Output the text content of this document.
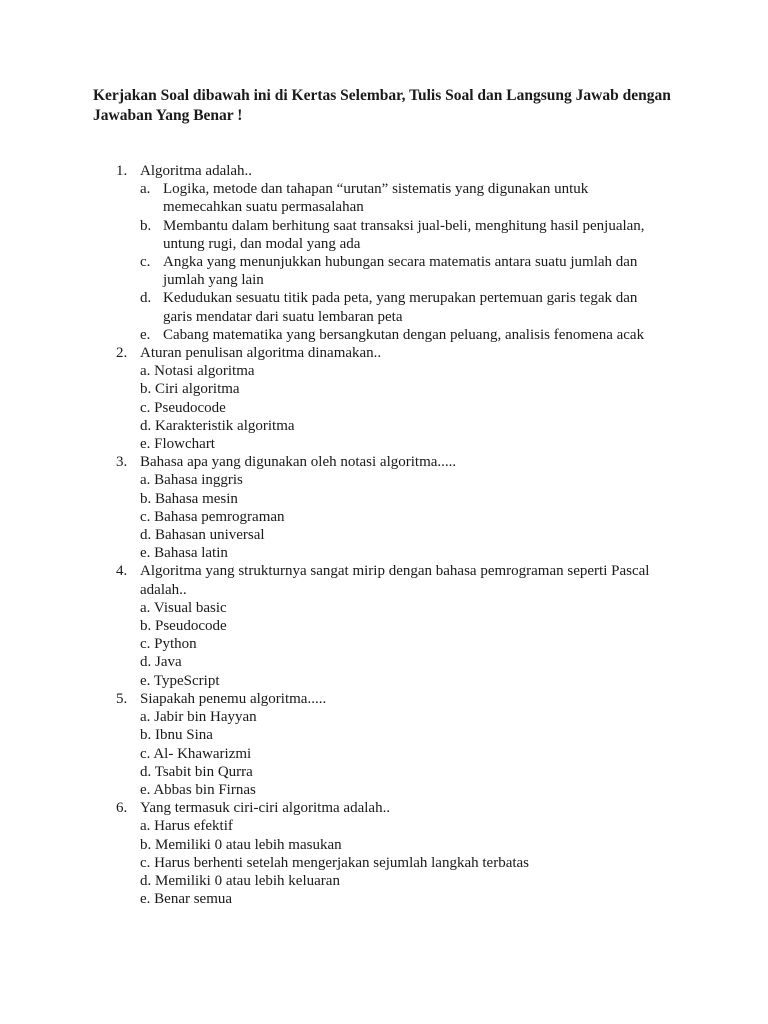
Kerjakan Soal dibawah ini di Kertas Selembar, Tulis Soal dan Langsung Jawab dengan Jawaban Yang Benar !

1. Algoritma adalah..
a. Logika, metode dan tahapan “urutan” sistematis yang digunakan untuk memecahkan suatu permasalahan
b. Membantu dalam berhitung saat transaksi jual-beli, menghitung hasil penjualan, untung rugi, dan modal yang ada
c. Angka yang menunjukkan hubungan secara matematis antara suatu jumlah dan jumlah yang lain
d. Kedudukan sesuatu titik pada peta, yang merupakan pertemuan garis tegak dan garis mendatar dari suatu lembaran peta
e. Cabang matematika yang bersangkutan dengan peluang, analisis fenomena acak
2. Aturan penulisan algoritma dinamakan..
a. Notasi algoritma
b. Ciri algoritma
c. Pseudocode
d. Karakteristik algoritma
e. Flowchart
3. Bahasa apa yang digunakan oleh notasi algoritma.....
a. Bahasa inggris
b. Bahasa mesin
c. Bahasa pemrograman
d. Bahasan universal
e. Bahasa latin
4. Algoritma yang strukturnya sangat mirip dengan bahasa pemrograman seperti Pascal adalah..
a. Visual basic
b. Pseudocode
c. Python
d. Java
e. TypeScript
5. Siapakah penemu algoritma.....
a. Jabir bin Hayyan
b. Ibnu Sina
c. Al- Khawarizmi
d. Tsabit bin Qurra
e. Abbas bin Firnas
6. Yang termasuk ciri-ciri algoritma adalah..
a. Harus efektif
b. Memiliki 0 atau lebih masukan
c. Harus berhenti setelah mengerjakan sejumlah langkah terbatas
d. Memiliki 0 atau lebih keluaran
e. Benar semua
